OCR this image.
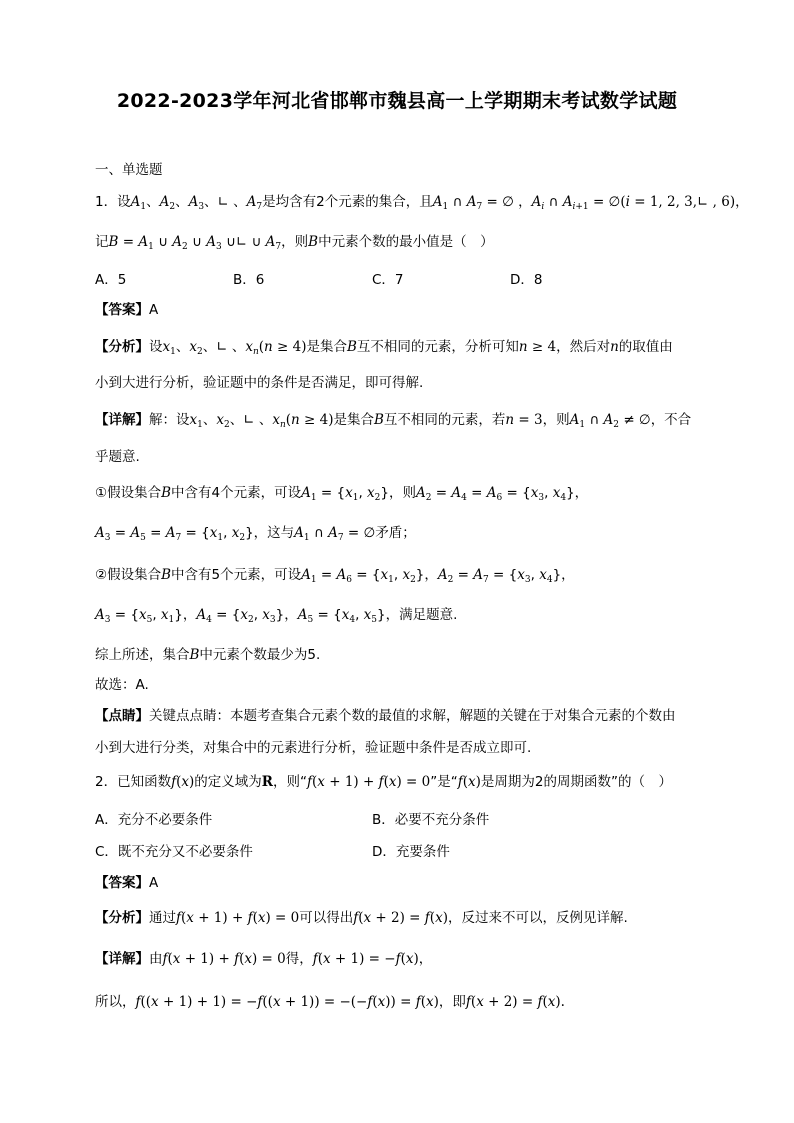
2022-2023学年河北省邯郸市魏县高一上学期期末考试数学试题
一、单选题
1．设$A_1$、$A_2$、$A_3$、∟ 、$A_7$是均含有2个元素的集合，且$A_1$ ∩ $A_7$ = ∅ ，$A_i$ ∩ $A_{i+1}$ = ∅(i = 1, 2, 3,∟ , 6)，
记$B = A_1$ ∪ $A_2$ ∪ $A_3$ ∪∟ ∪ $A_7$，则B中元素个数的最小值是（　）
A．5	B．6	C．7	D．8
【答案】A
【分析】设$x_1$、$x_2$、∟ 、$x_n(n \ge 4)$是集合B互不相同的元素，分析可知n ≥ 4，然后对n的取值由
小到大进行分析，验证题中的条件是否满足，即可得解.
【详解】解：设$x_1$、$x_2$、∟ 、$x_n(n \ge 4)$是集合B互不相同的元素，若n = 3，则$A_1$ ∩ $A_2$ ≠ ∅，不合
乎题意.
①假设集合B中含有4个元素，可设$A_1 = \{x_1$, $x_2$}，则$A_2 = A_4 = A_6 = \{x_3$, $x_4$}，
$A_3 = A_5 = A_7 = \{x_1$, $x_2$}，这与$A_1$ ∩ $A_7$ = ∅矛盾；
②假设集合B中含有5个元素，可设$A_1 = A_6 = \{x_1$, $x_2$}，$A_2 = A_7 = \{x_3$, $x_4$}，
$A_3 = \{x_5$, $x_1$}，$A_4 = \{x_2$, $x_3$}，$A_5 = \{x_4$, $x_5$}，满足题意.
综上所述，集合B中元素个数最少为5.
故选：A.
【点睛】关键点点睛：本题考查集合元素个数的最值的求解，解题的关键在于对集合元素的个数由
小到大进行分类，对集合中的元素进行分析，验证题中条件是否成立即可.
2．已知函数f(x)的定义域为R，则“f(x + 1) + f(x) = 0”是“f(x)是周期为2的周期函数”的（　）
A．充分不必要条件	B．必要不充分条件
C．既不充分又不必要条件	D．充要条件
【答案】A
【分析】通过f(x + 1) + f(x) = 0可以得出f(x + 2) = f(x)，反过来不可以，反例见详解.
【详解】由f(x + 1) + f(x) = 0得，f(x + 1) = −f(x)，
所以，f((x + 1) + 1) = −f((x + 1)) = −(−f(x)) = f(x)，即f(x + 2) = f(x).
